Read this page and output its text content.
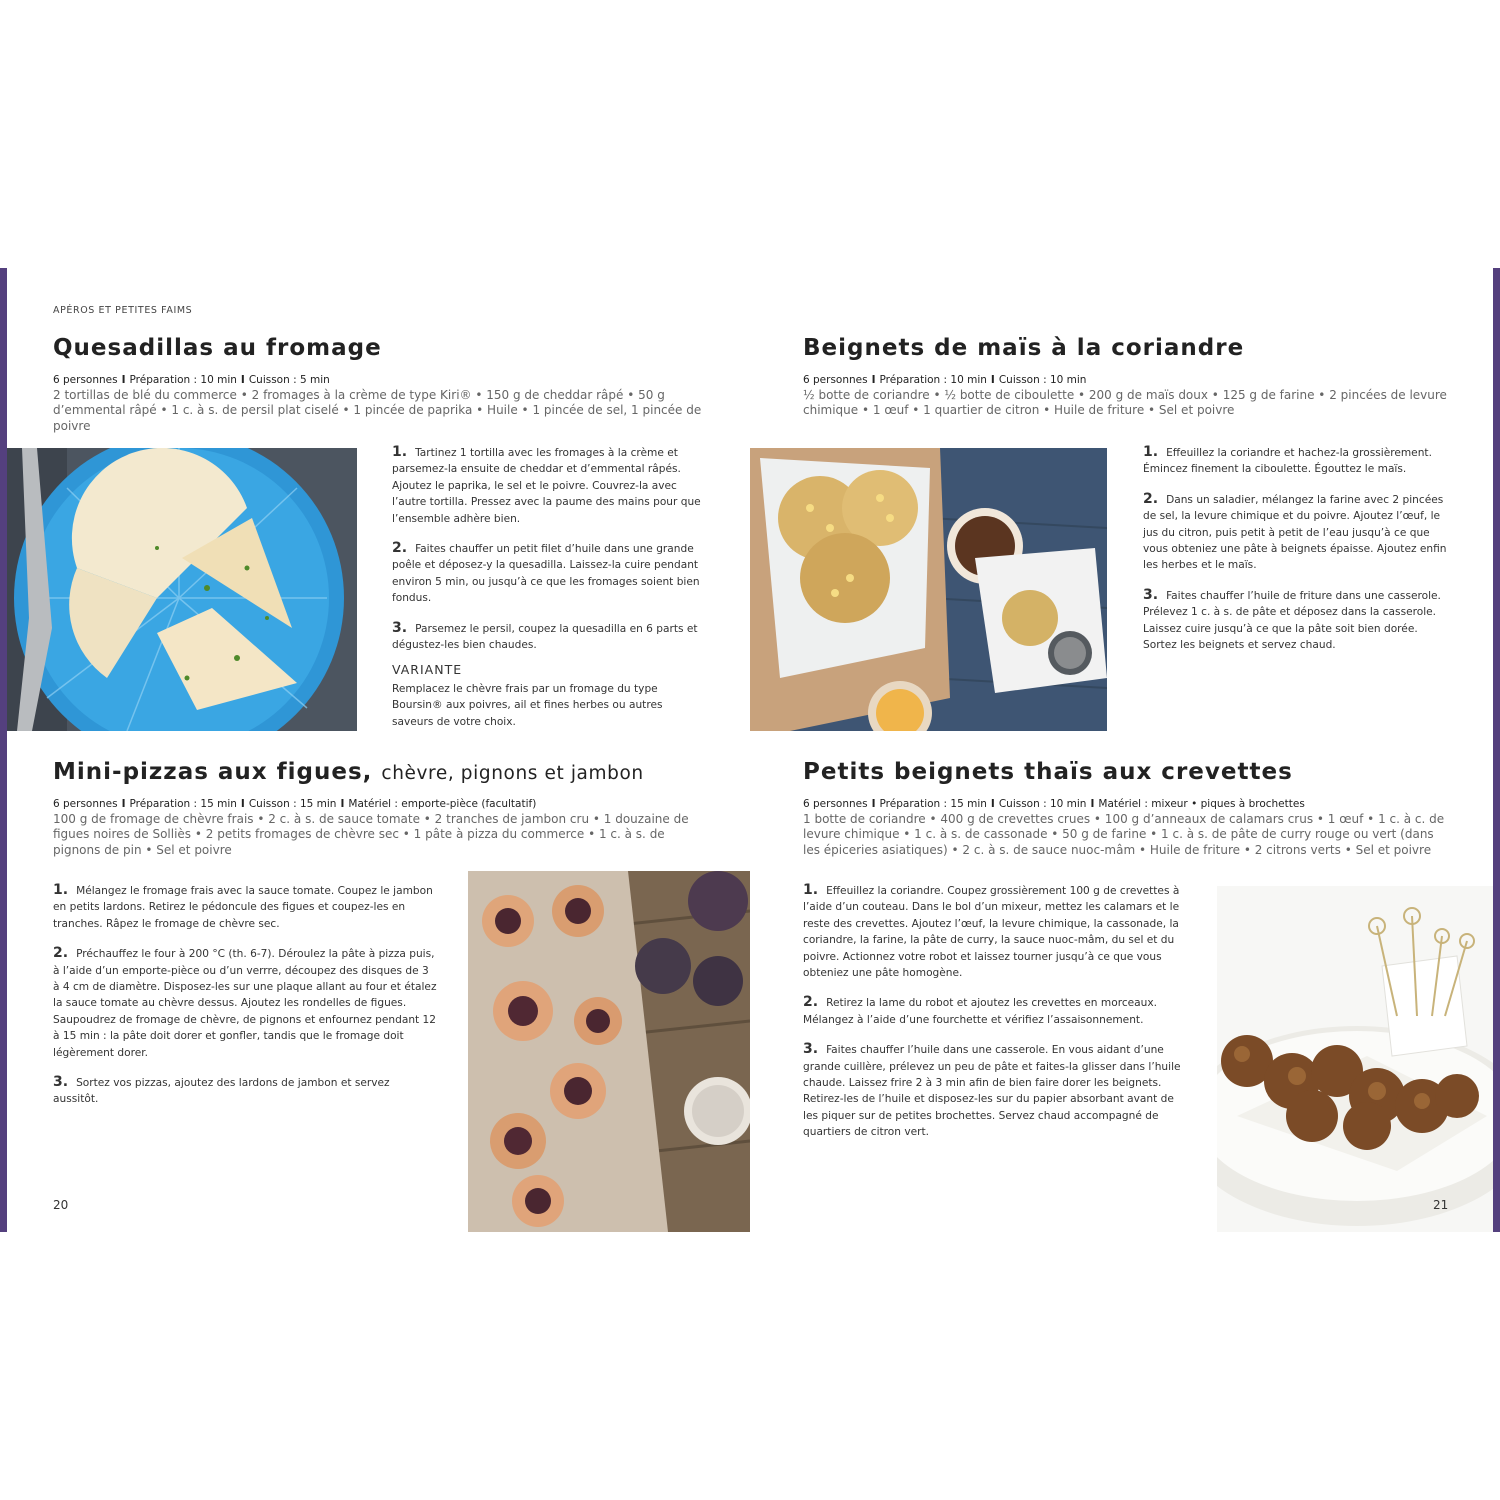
APÉROS ET PETITES FAIMS
Quesadillas au fromage
6 personnes I Préparation : 10 min I Cuisson : 5 min
2 tortillas de blé du commerce • 2 fromages à la crème de type Kiri® • 150 g de cheddar râpé • 50 g d’emmental râpé • 1 c. à s. de persil plat ciselé • 1 pincée de paprika • Huile • 1 pincée de sel, 1 pincée de poivre

1. Tartinez 1 tortilla avec les fromages à la crème et parsemez-la ensuite de cheddar et d’emmental râpés. Ajoutez le paprika, le sel et le poivre. Couvrez-la avec l’autre tortilla. Pressez avec la paume des mains pour que l’ensemble adhère bien.

2. Faites chauffer un petit filet d’huile dans une grande poêle et déposez-y la quesadilla. Laissez-la cuire pendant environ 5 min, ou jusqu’à ce que les fromages soient bien fondus.

3. Parsemez le persil, coupez la quesadilla en 6 parts et dégustez-les bien chaudes.

VARIANTE
Remplacez le chèvre frais par un fromage du type Boursin® aux poivres, ail et fines herbes ou autres saveurs de votre choix.
Beignets de maïs à la coriandre
6 personnes I Préparation : 10 min I Cuisson : 10 min
½ botte de coriandre • ½ botte de ciboulette • 200 g de maïs doux • 125 g de farine • 2 pincées de levure chimique • 1 œuf • 1 quartier de citron • Huile de friture • Sel et poivre

1. Effeuillez la coriandre et hachez-la grossièrement. Émincez finement la ciboulette. Égouttez le maïs.

2. Dans un saladier, mélangez la farine avec 2 pincées de sel, la levure chimique et du poivre. Ajoutez l’œuf, le jus du citron, puis petit à petit de l’eau jusqu’à ce que vous obteniez une pâte à beignets épaisse. Ajoutez enfin les herbes et le maïs.

3. Faites chauffer l’huile de friture dans une casserole. Prélevez 1 c. à s. de pâte et déposez dans la casserole. Laissez cuire jusqu’à ce que la pâte soit bien dorée. Sortez les beignets et servez chaud.

Mini-pizzas aux figues, chèvre, pignons et jambon
6 personnes I Préparation : 15 min I Cuisson : 15 min I Matériel : emporte-pièce (facultatif)
100 g de fromage de chèvre frais • 2 c. à s. de sauce tomate • 2 tranches de jambon cru • 1 douzaine de figues noires de Solliès • 2 petits fromages de chèvre sec • 1 pâte à pizza du commerce • 1 c. à s. de pignons de pin • Sel et poivre

1. Mélangez le fromage frais avec la sauce tomate. Coupez le jambon en petits lardons. Retirez le pédoncule des figues et coupez-les en tranches. Râpez le fromage de chèvre sec.

2. Préchauffez le four à 200 °C (th. 6-7). Déroulez la pâte à pizza puis, à l’aide d’un emporte-pièce ou d’un verrre, découpez des disques de 3 à 4 cm de diamètre. Disposez-les sur une plaque allant au four et étalez la sauce tomate au chèvre dessus. Ajoutez les rondelles de figues. Saupoudrez de fromage de chèvre, de pignons et enfournez pendant 12 à 15 min : la pâte doit dorer et gonfler, tandis que le fromage doit légèrement dorer.

3. Sortez vos pizzas, ajoutez des lardons de jambon et servez aussitôt.

Petits beignets thaïs aux crevettes
6 personnes I Préparation : 15 min I Cuisson : 10 min I Matériel : mixeur • piques à brochettes
1 botte de coriandre • 400 g de crevettes crues • 100 g d’anneaux de calamars crus • 1 œuf • 1 c. à c. de levure chimique • 1 c. à s. de cassonade • 50 g de farine • 1 c. à s. de pâte de curry rouge ou vert (dans les épiceries asiatiques) • 2 c. à s. de sauce nuoc-mâm • Huile de friture • 2 citrons verts • Sel et poivre

1. Effeuillez la coriandre. Coupez grossièrement 100 g de crevettes à l’aide d’un couteau. Dans le bol d’un mixeur, mettez les calamars et le reste des crevettes. Ajoutez l’œuf, la levure chimique, la cassonade, la coriandre, la farine, la pâte de curry, la sauce nuoc-mâm, du sel et du poivre. Actionnez votre robot et laissez tourner jusqu’à ce que vous obteniez une pâte homogène.

2. Retirez la lame du robot et ajoutez les crevettes en morceaux. Mélangez à l’aide d’une fourchette et vérifiez l’assaisonnement.

3. Faites chauffer l’huile dans une casserole. En vous aidant d’une grande cuillère, prélevez un peu de pâte et faites-la glisser dans l’huile chaude. Laissez frire 2 à 3 min afin de bien faire dorer les beignets. Retirez-les de l’huile et disposez-les sur du papier absorbant avant de les piquer sur de petites brochettes. Servez chaud accompagné de quartiers de citron vert.

20	21
